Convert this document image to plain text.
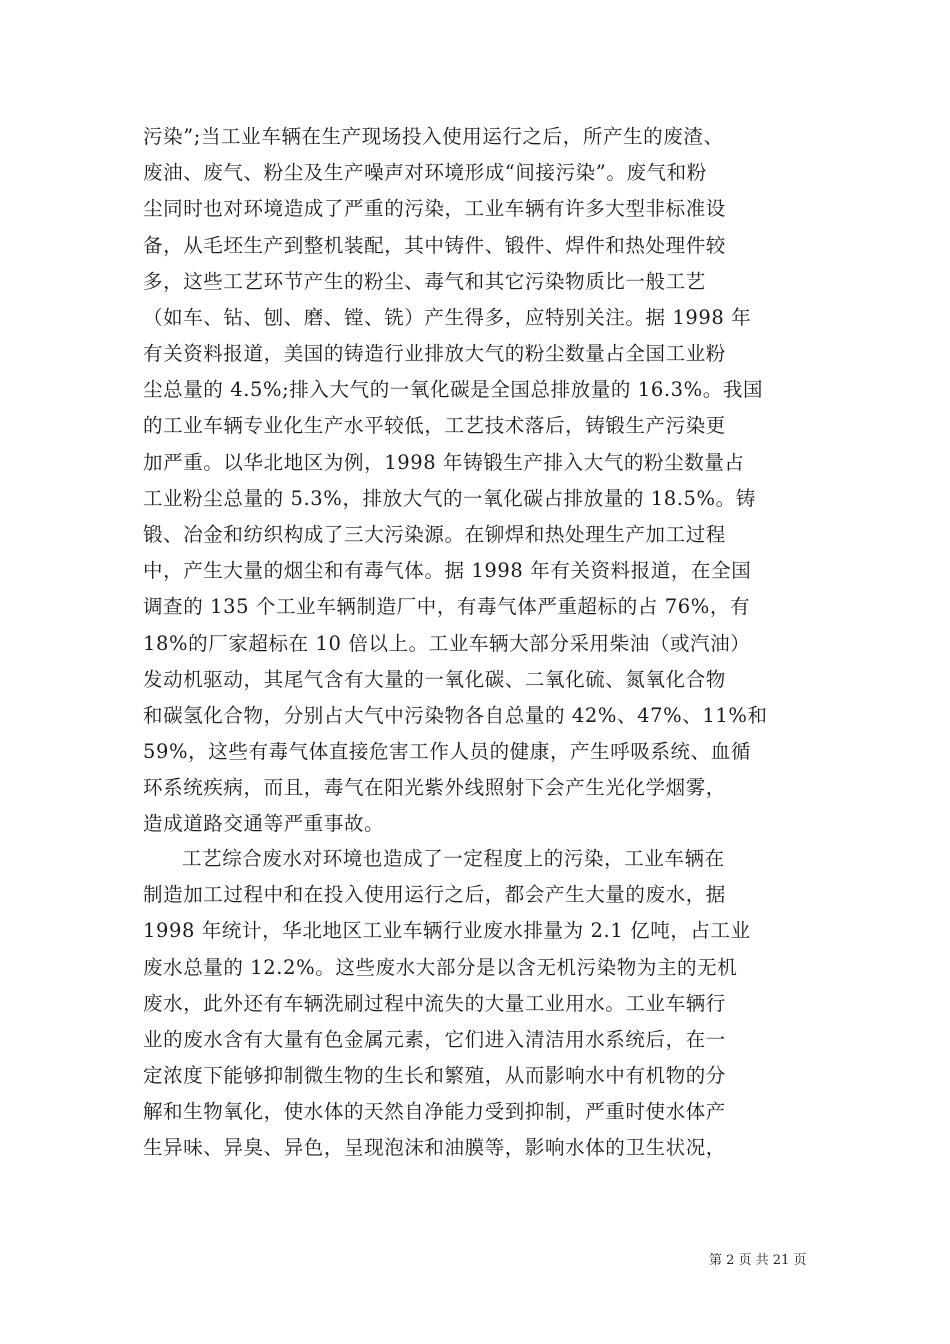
污染”;当工业车辆在生产现场投入使用运行之后，所产生的废渣、
废油、废气、粉尘及生产噪声对环境形成“间接污染”。废气和粉
尘同时也对环境造成了严重的污染，工业车辆有许多大型非标准设
备，从毛坯生产到整机装配，其中铸件、锻件、焊件和热处理件较
多，这些工艺环节产生的粉尘、毒气和其它污染物质比一般工艺
（如车、钻、刨、磨、镗、铣）产生得多，应特别关注。据 1998 年
有关资料报道，美国的铸造行业排放大气的粉尘数量占全国工业粉
尘总量的 4.5%;排入大气的一氧化碳是全国总排放量的 16.3%。我国
的工业车辆专业化生产水平较低，工艺技术落后，铸锻生产污染更
加严重。以华北地区为例，1998 年铸锻生产排入大气的粉尘数量占
工业粉尘总量的 5.3%，排放大气的一氧化碳占排放量的 18.5%。铸
锻、冶金和纺织构成了三大污染源。在铆焊和热处理生产加工过程
中，产生大量的烟尘和有毒气体。据 1998 年有关资料报道，在全国
调查的 135 个工业车辆制造厂中，有毒气体严重超标的占 76%，有
18%的厂家超标在 10 倍以上。工业车辆大部分采用柴油（或汽油）
发动机驱动，其尾气含有大量的一氧化碳、二氧化硫、氮氧化合物
和碳氢化合物，分别占大气中污染物各自总量的 42%、47%、11%和
59%，这些有毒气体直接危害工作人员的健康，产生呼吸系统、血循
环系统疾病，而且，毒气在阳光紫外线照射下会产生光化学烟雾，
造成道路交通等严重事故。
工艺综合废水对环境也造成了一定程度上的污染，工业车辆在
制造加工过程中和在投入使用运行之后，都会产生大量的废水，据
1998 年统计，华北地区工业车辆行业废水排量为 2.1 亿吨，占工业
废水总量的 12.2%。这些废水大部分是以含无机污染物为主的无机
废水，此外还有车辆洗刷过程中流失的大量工业用水。工业车辆行
业的废水含有大量有色金属元素，它们进入清洁用水系统后，在一
定浓度下能够抑制微生物的生长和繁殖，从而影响水中有机物的分
解和生物氧化，使水体的天然自净能力受到抑制，严重时使水体产
生异味、异臭、异色，呈现泡沫和油膜等，影响水体的卫生状况，
第 2 页 共 21 页
